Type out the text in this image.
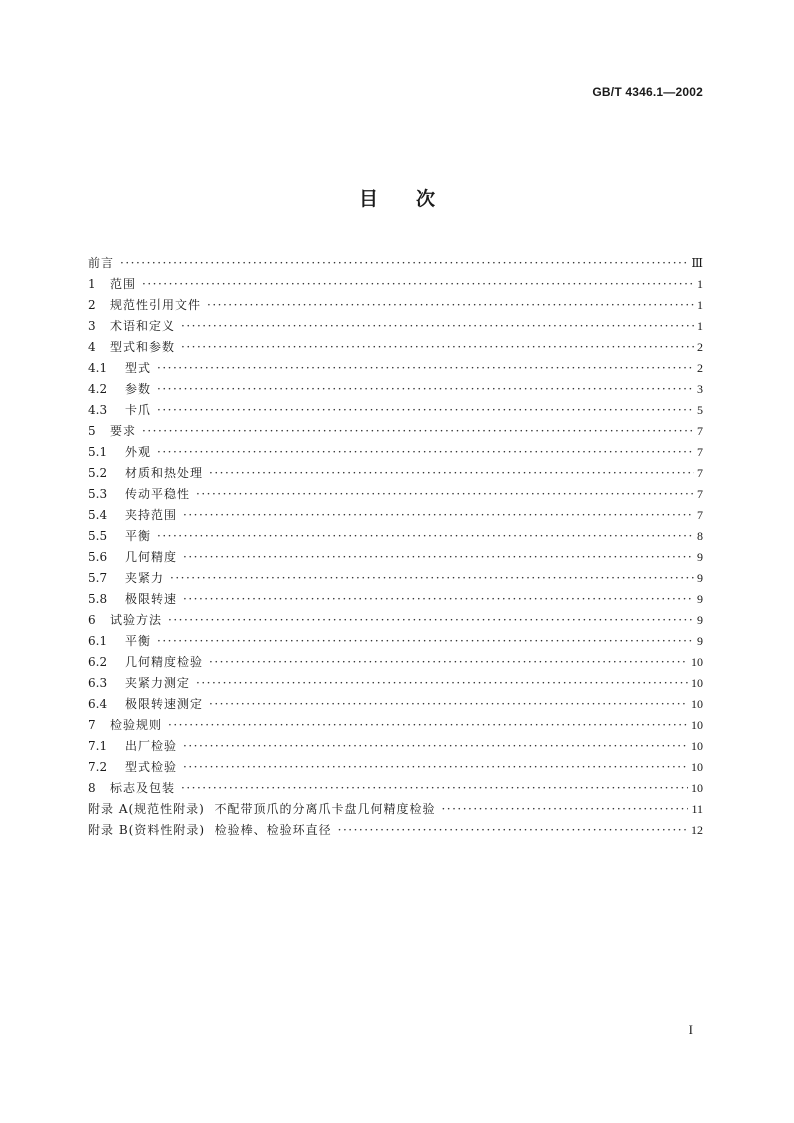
GB/T 4346.1—2002
目次
前言 ·····	Ⅲ
1	范围 ·····	1
2	规范性引用文件 ·····	1
3	术语和定义 ·····	1
4	型式和参数 ·····	2
4.1	型式 ·····	2
4.2	参数 ·····	3
4.3	卡爪 ·····	5
5	要求 ·····	7
5.1	外观 ·····	7
5.2	材质和热处理 ·····	7
5.3	传动平稳性 ·····	7
5.4	夹持范围 ·····	7
5.5	平衡 ·····	8
5.6	几何精度 ·····	9
5.7	夹紧力 ·····	9
5.8	极限转速 ·····	9
6	试验方法 ·····	9
6.1	平衡 ·····	9
6.2	几何精度检验 ·····	10
6.3	夹紧力测定 ·····	10
6.4	极限转速测定 ·····	10
7	检验规则 ·····	10
7.1	出厂检验 ·····	10
7.2	型式检验 ·····	10
8	标志及包装 ·····	10
附录 A(规范性附录)  不配带顶爪的分离爪卡盘几何精度检验 ·····	11
附录 B(资料性附录)  检验棒、检验环直径 ·····	12
I
